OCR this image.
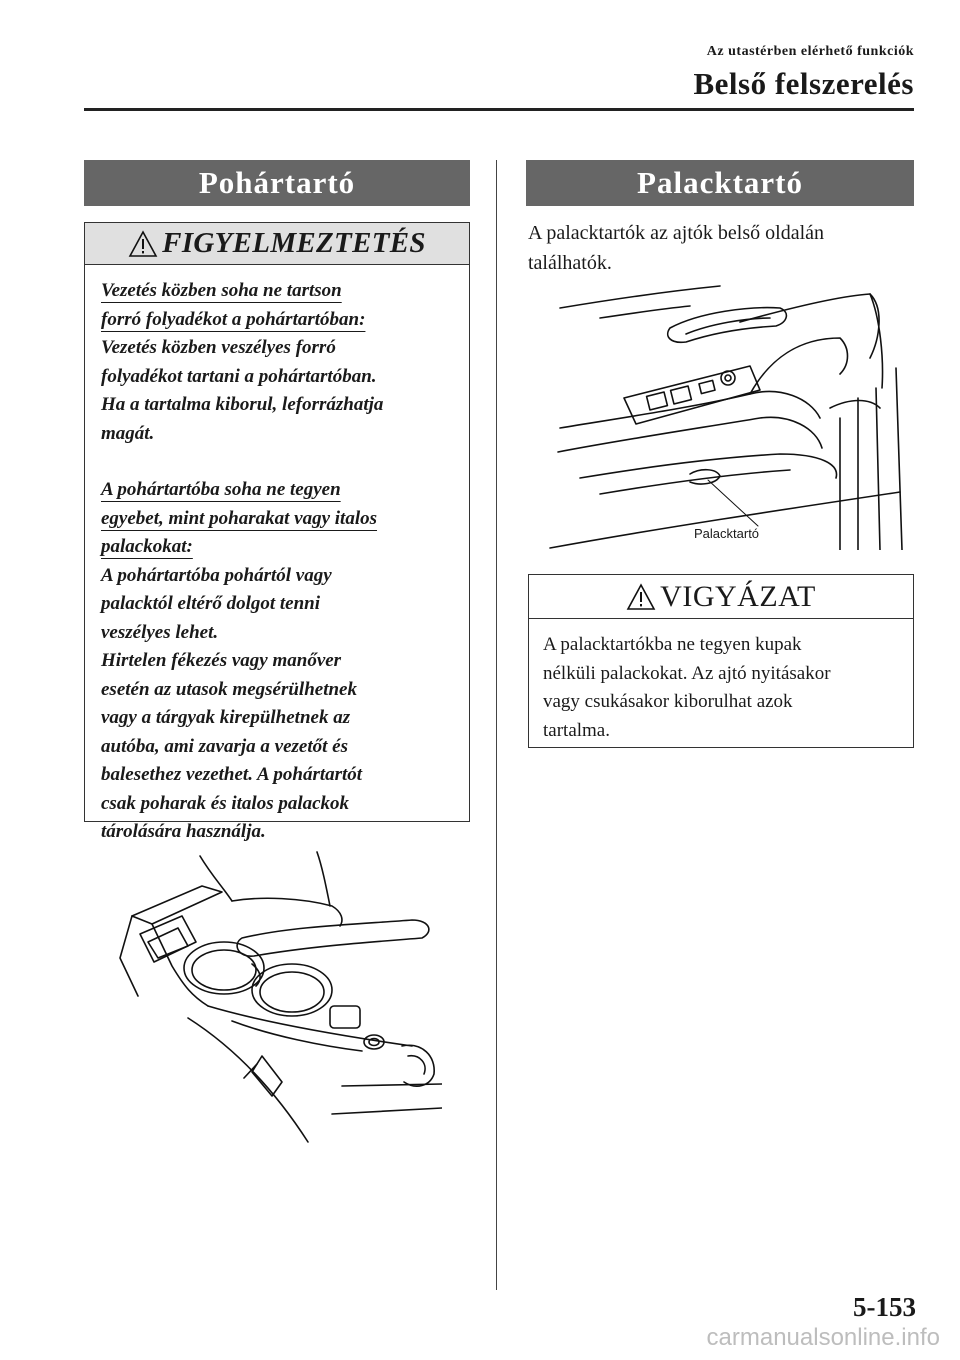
Az utastérben elérhető funkciók
Belső felszerelés
Pohártartó
FIGYELMEZTETÉS
Vezetés közben soha ne tartson
forró folyadékot a pohártartóban:
Vezetés közben veszélyes forró
folyadékot tartani a pohártartóban.
Ha a tartalma kiborul, leforrázhatja
magát.
A pohártartóba soha ne tegyen
egyebet, mint poharakat vagy italos
palackokat:
A pohártartóba pohártól vagy
palacktól eltérő dolgot tenni
veszélyes lehet.
Hirtelen fékezés vagy manőver
esetén az utasok megsérülhetnek
vagy a tárgyak kirepülhetnek az
autóba, ami zavarja a vezetőt és
balesethez vezethet. A pohártartót
csak poharak és italos palackok
tárolására használja.
Palacktartó
A palacktartók az ajtók belső oldalán
találhatók.
Palacktartó
VIGYÁZAT
A palacktartókba ne tegyen kupak
nélküli palackokat. Az ajtó nyitásakor
vagy csukásakor kiborulhat azok
tartalma.
5-153
carmanualsonline.info
